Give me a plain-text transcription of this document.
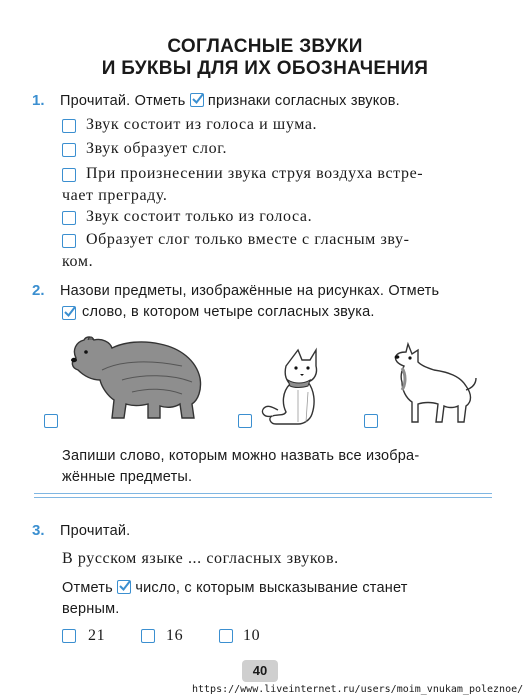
СОГЛАСНЫЕ ЗВУКИ
И БУКВЫ ДЛЯ ИХ ОБОЗНАЧЕНИЯ
1. Прочитай. Отметь признаки согласных звуков.
Звук состоит из голоса и шума.
Звук образует слог.
При произнесении звука струя воздуха встре-
чает преграду.
Звук состоит только из голоса.
Образует слог только вместе с гласным зву-
ком.
2. Назови предметы, изображённые на рисунках. Отметь
слово, в котором четыре согласных звука.
Запиши слово, которым можно назвать все изобра-
жённые предметы.
3. Прочитай.
В русском языке ... согласных звуков.
Отметь число, с которым высказывание станет
верным.
21	16	10
40
https://www.liveinternet.ru/users/moim_vnukam_poleznoe/
